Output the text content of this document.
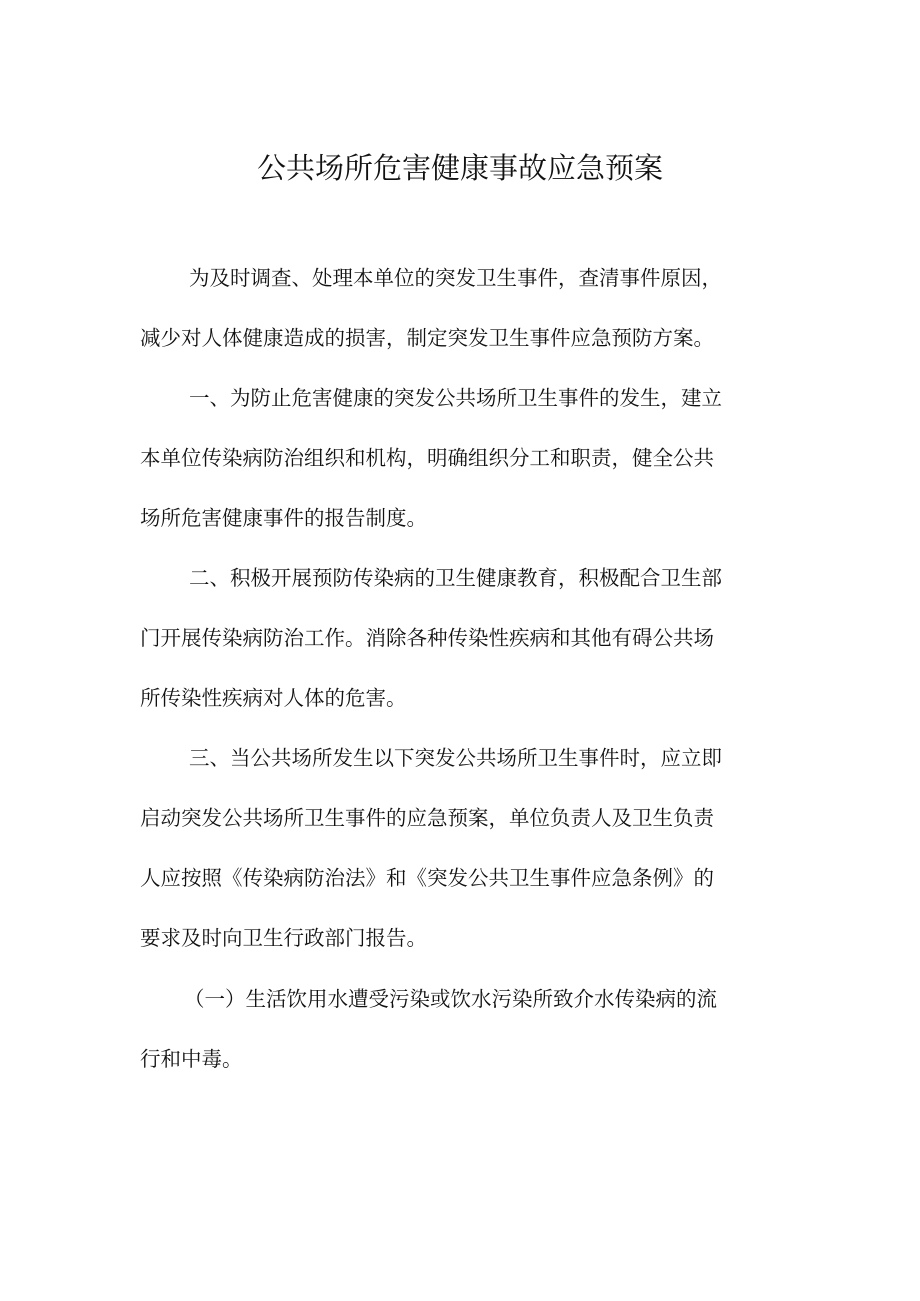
公共场所危害健康事故应急预案
为及时调查、处理本单位的突发卫生事件，查清事件原因，
减少对人体健康造成的损害，制定突发卫生事件应急预防方案。
一、为防止危害健康的突发公共场所卫生事件的发生，建立
本单位传染病防治组织和机构，明确组织分工和职责，健全公共
场所危害健康事件的报告制度。
二、积极开展预防传染病的卫生健康教育，积极配合卫生部
门开展传染病防治工作。消除各种传染性疾病和其他有碍公共场
所传染性疾病对人体的危害。
三、当公共场所发生以下突发公共场所卫生事件时，应立即
启动突发公共场所卫生事件的应急预案，单位负责人及卫生负责
人应按照《传染病防治法》和《突发公共卫生事件应急条例》的
要求及时向卫生行政部门报告。
（一）生活饮用水遭受污染或饮水污染所致介水传染病的流
行和中毒。
